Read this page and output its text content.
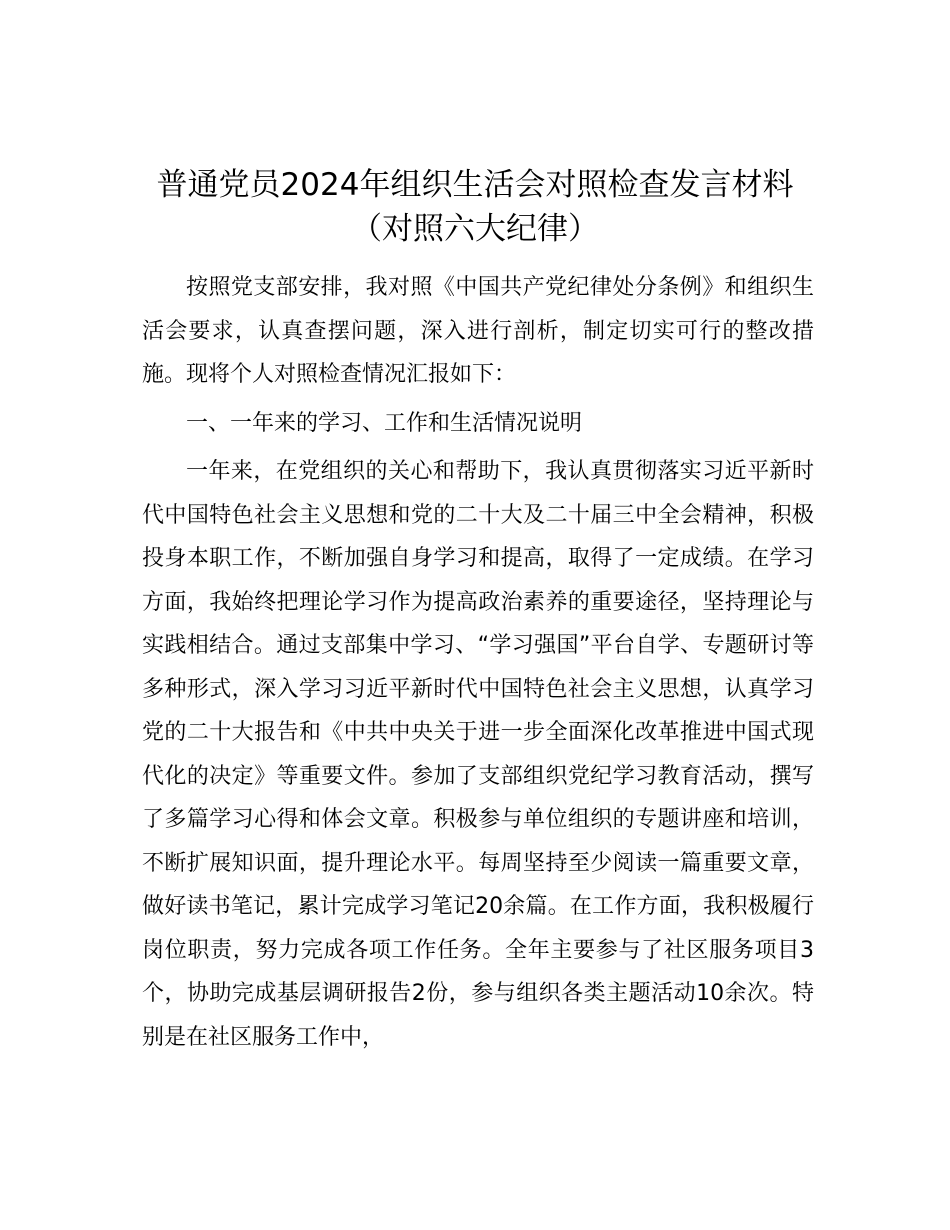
普通党员2024年组织生活会对照检查发言材料（对照六大纪律）

按照党支部安排，我对照《中国共产党纪律处分条例》和组织生活会要求，认真查摆问题，深入进行剖析，制定切实可行的整改措施。现将个人对照检查情况汇报如下：

一、一年来的学习、工作和生活情况说明

一年来，在党组织的关心和帮助下，我认真贯彻落实习近平新时代中国特色社会主义思想和党的二十大及二十届三中全会精神，积极投身本职工作，不断加强自身学习和提高，取得了一定成绩。在学习方面，我始终把理论学习作为提高政治素养的重要途径，坚持理论与实践相结合。通过支部集中学习、“学习强国”平台自学、专题研讨等多种形式，深入学习习近平新时代中国特色社会主义思想，认真学习党的二十大报告和《中共中央关于进一步全面深化改革推进中国式现代化的决定》等重要文件。参加了支部组织党纪学习教育活动，撰写了多篇学习心得和体会文章。积极参与单位组织的专题讲座和培训，不断扩展知识面，提升理论水平。每周坚持至少阅读一篇重要文章，做好读书笔记，累计完成学习笔记20余篇。在工作方面，我积极履行岗位职责，努力完成各项工作任务。全年主要参与了社区服务项目3个，协助完成基层调研报告2份，参与组织各类主题活动10余次。特别是在社区服务工作中，
